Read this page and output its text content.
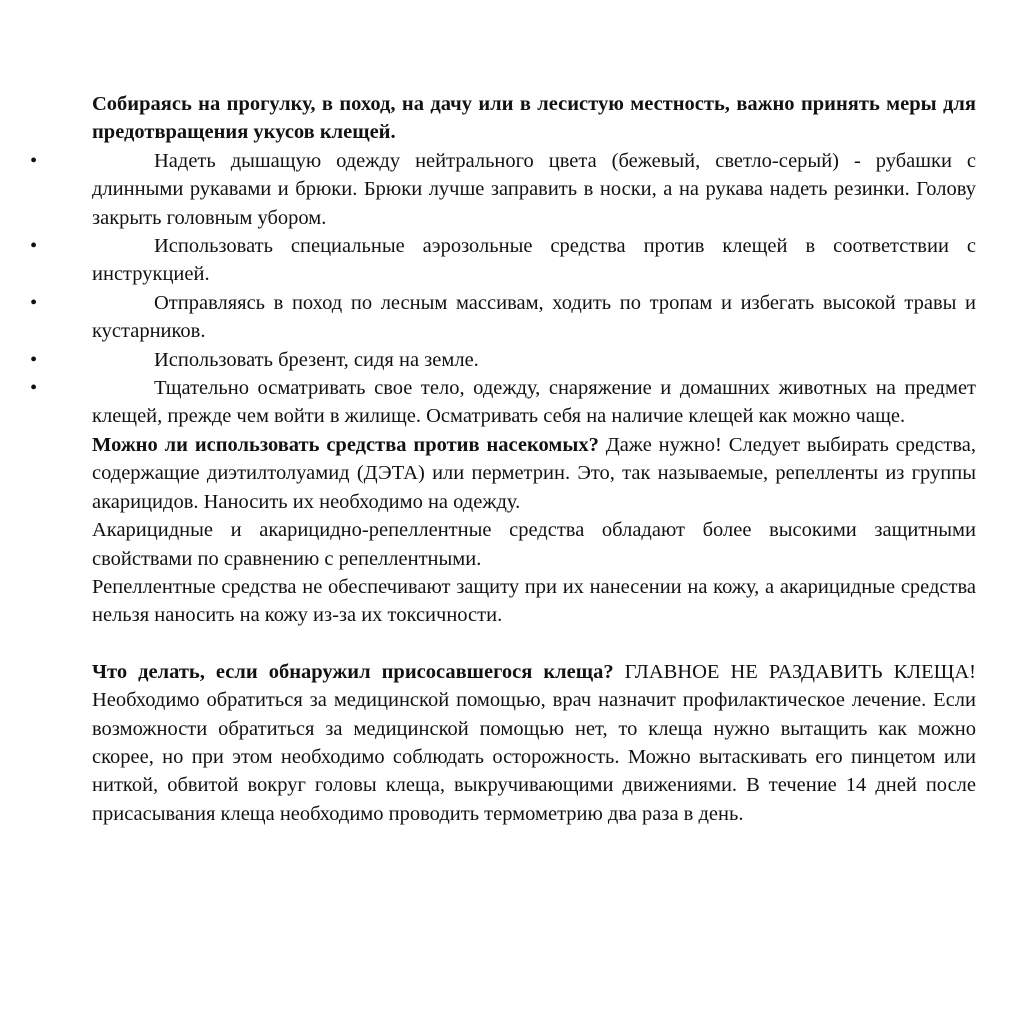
Собираясь на прогулку, в поход, на дачу или в лесистую местность, важно принять меры для предотвращения укусов клещей.

•	Надеть дышащую одежду нейтрального цвета (бежевый, светло-серый) - рубашки с длинными рукавами и брюки. Брюки лучше заправить в носки, а на рукава надеть резинки. Голову закрыть головным убором.

•	Использовать специальные аэрозольные средства против клещей в соответствии с инструкцией.

•	Отправляясь в поход по лесным массивам, ходить по тропам и избегать высокой травы и кустарников.

•	Использовать брезент, сидя на земле.

•	Тщательно осматривать свое тело, одежду, снаряжение и домашних животных на предмет клещей, прежде чем войти в жилище. Осматривать себя на наличие клещей как можно чаще.

Можно ли использовать средства против насекомых? Даже нужно! Следует выбирать средства, содержащие диэтилтолуамид (ДЭТА) или перметрин. Это, так называемые, репелленты из группы акарицидов. Наносить их необходимо на одежду.

Акарицидные и акарицидно-репеллентные средства обладают более высокими защитными свойствами по сравнению с репеллентными.

Репеллентные средства не обеспечивают защиту при их нанесении на кожу, а акарицидные средства нельзя наносить на кожу из-за их токсичности.

Что делать, если обнаружил присосавшегося клеща? ГЛАВНОЕ НЕ РАЗДАВИТЬ КЛЕЩА! Необходимо обратиться за медицинской помощью, врач назначит профилактическое лечение. Если возможности обратиться за медицинской помощью нет, то клеща нужно вытащить как можно скорее, но при этом необходимо соблюдать осторожность. Можно вытаскивать его пинцетом или ниткой, обвитой вокруг головы клеща, выкручивающими движениями. В течение 14 дней после присасывания клеща необходимо проводить термометрию два раза в день.
